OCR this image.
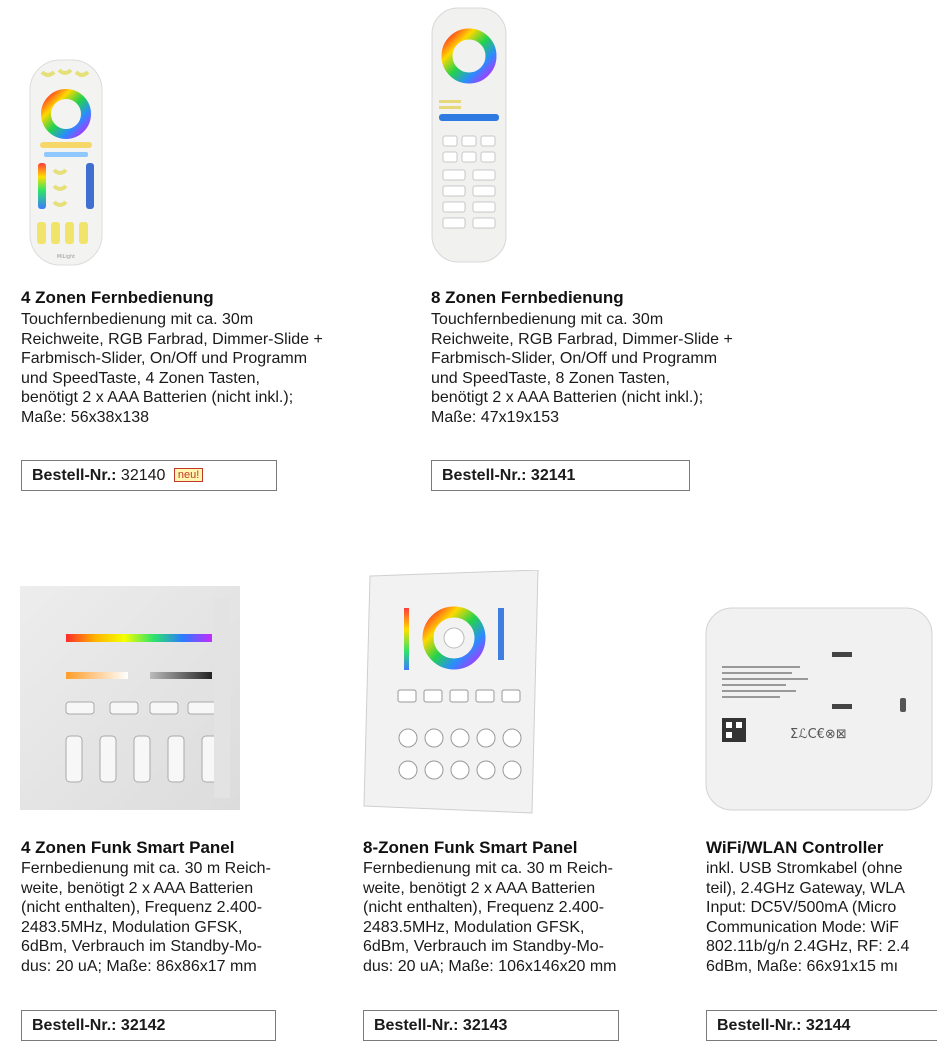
MiLight
4 Zonen Fernbedienung
Touchfernbedienung mit ca. 30m
Reichweite, RGB Farbrad, Dimmer-Slide +
Farbmisch-Slider, On/Off und Programm
und SpeedTaste, 4 Zonen Tasten,
benötigt 2 x AAA Batterien (nicht inkl.);
Maße: 56x38x138
Bestell-Nr.: 32140 neu!
8 Zonen Fernbedienung
Touchfernbedienung mit ca. 30m
Reichweite, RGB Farbrad, Dimmer-Slide +
Farbmisch-Slider, On/Off und Programm
und SpeedTaste, 8 Zonen Tasten,
benötigt 2 x AAA Batterien (nicht inkl.);
Maße: 47x19x153
Bestell-Nr.: 32141
4 Zonen Funk Smart Panel
Fernbedienung mit ca. 30 m Reich-
weite, benötigt 2 x AAA Batterien
(nicht enthalten), Frequenz 2.400-
2483.5MHz, Modulation GFSK,
6dBm, Verbrauch im Standby-Mo-
dus: 20 uA; Maße: 86x86x17 mm
Bestell-Nr.: 32142
8-Zonen Funk Smart Panel
Fernbedienung mit ca. 30 m Reich-
weite, benötigt 2 x AAA Batterien
(nicht enthalten), Frequenz 2.400-
2483.5MHz, Modulation GFSK,
6dBm, Verbrauch im Standby-Mo-
dus: 20 uA; Maße: 106x146x20 mm
Bestell-Nr.: 32143
ΣℒC€⊗⊠
WiFi/WLAN Controller
inkl. USB Stromkabel (ohne
teil), 2.4GHz Gateway, WLA
Input: DC5V/500mA (Micro
Communication Mode: WiF
802.11b/g/n 2.4GHz, RF: 2.4
6dBm, Maße: 66x91x15 mı
Bestell-Nr.: 32144
